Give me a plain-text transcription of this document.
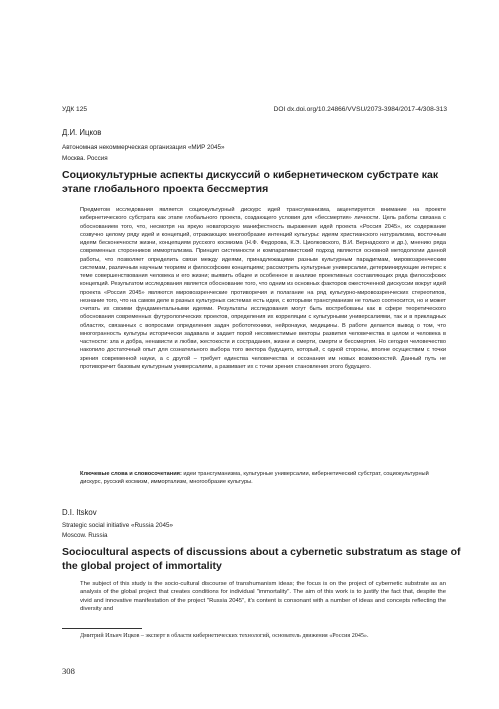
УДК 125	DOI dx.doi.org/10.24866/VVSU/2073-3984/2017-4/308-313
Д.И. Ицков
Автономная некоммерческая организация «МИР 2045»
Москва. Россия
Социокультурные аспекты дискуссий о кибернетическом субстрате как этапе глобального проекта бессмертия
Предметом исследования является социокультурный дискурс идей трансгуманизма, акцентируется внимание на проекте кибернетического субстрата как этапе глобального проекта, создающего условия для «бессмертия» личности. Цель работы связана с обоснованием того, что, несмотря на яркую новаторскую манифестность выражения идей проекта «Россия 2045», их содержание созвучно целому ряду идей и концепций, отражающих многообразие интенций культуры: идеям христианского натурализма, восточным идеям бесконечности жизни, концепциям русского космизма (Н.Ф. Федорова, К.Э. Циолковского, В.И. Вернадского и др.), мнению ряда современных сторонников иммортализма. Принцип системности и компаративистский подход являются основной методологии данной работы, что позволяет определить связи между идеями, принадлежащими разным культурным парадигмам, мировоззренческим системам, различным научным теориям и философским концепциям; рассмотреть культурные универсалии, детерминирующие интерес к теме совершенствования человека и его жизни; выявить общее и особенное в анализе проективных составляющих ряда философских концепций. Результатом исследования является обоснование того, что одним из основных факторов ожесточенной дискуссии вокруг идей проекта «Россия 2045» являются мировоззренческие противоречия и полагание на ряд культурно-мировоззренческих стереотипов, незнание того, что на самом деле в разных культурных системах есть идеи, с которыми трансгуманизм не только соотносится, но и может считать их своими фундаментальными идеями. Результаты исследования могут быть востребованы как в сфере теоретического обоснования современных футурологических проектов, определения их корреляции с культурными универсалиями, так и в прикладных областях, связанных с вопросами определения задач робототехники, нейронауки, медицины. В работе делается вывод о том, что многогранность культуры исторически задавала и задает порой несовместимые векторы развития человечества в целом и человека в частности: зла и добра, ненависти и любви, жестокости и сострадания, жизни и смерти, смерти и бессмертия. Но сегодня человечество накопило достаточный опыт для сознательного выбора того вектора будущего, который, с одной стороны, вполне осуществим с точки зрения современной науки, а с другой – требует единства человечества и осознания им новых возможностей. Данный путь не противоречит базовым культурным универсалиям, а развивает их с точки зрения становления этого будущего.
Ключевые слова и словосочетания: идеи трансгуманизма, культурные универсалии, кибернетический субстрат, социокультурный дискурс, русский космизм, иммортализм, многообразие культуры.
D.I. Itskov
Strategic social initiative «Russia 2045»
Moscow. Russia
Sociocultural aspects of discussions about a cybernetic substratum as stage of the global project of immortality
The subject of this study is the socio-cultural discourse of transhumanism ideas; the focus is on the project of cybernetic substrate as an analysis of the global project that creates conditions for individual "immortality". The aim of this work is to justify the fact that, despite the vivid and innovative manifestation of the project "Russia 2045", it's content is consonant with a number of ideas and concepts reflecting the diversity and
Дмитрий Ильич Ицков – эксперт в области кибернетических технологий, основатель движения «Россия 2045».
308
